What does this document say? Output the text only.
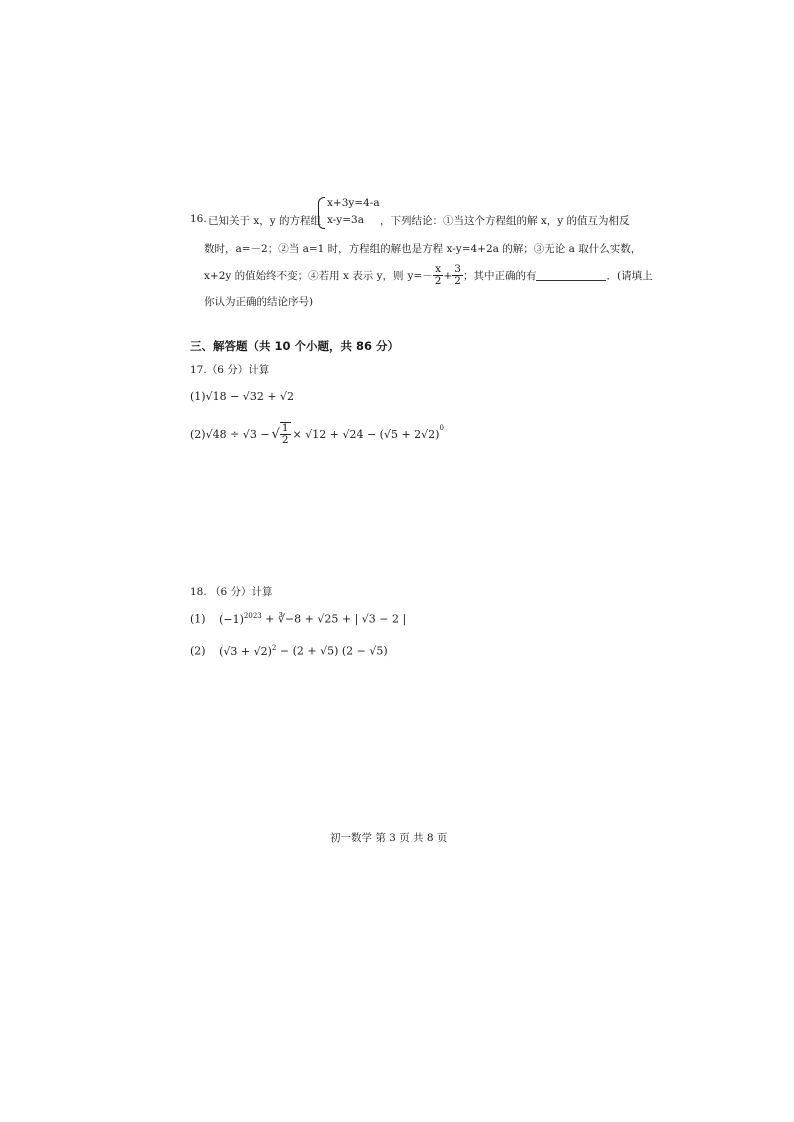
16. 已知关于 x，y 的方程组
x+3y=4-a
x-y=3a ，下列结论：①当这个方程组的解 x，y 的值互为相反
数时，a=－2；②当 a=1 时，方程组的解也是方程 x-y=4+2a 的解；③无论 a 取什么实数，
x+2y 的值始终不变；④若用 x 表示 y，则 $y=- \frac{x}{2} + \frac{3}{2}$ ；其中正确的有	．(请填上
你认为正确的结论序号)
三、解答题（共 10 个小题，共 86 分）
17.（6 分）计算
(1)√18 − √32 + √2
(2) √48 ÷ √3 − √ $\frac{1}{2} \times √12 + √24 - (√5 + 2√2)^0$
18. （6 分）计算
(1) $(-1)^{2023}$ + ∛−8 + √25 + | √3 − 2 |
(2) $(√3 + √2)^2 - (2 + √5)$ (2 − √5)
初一数学 第 3 页 共 8 页
